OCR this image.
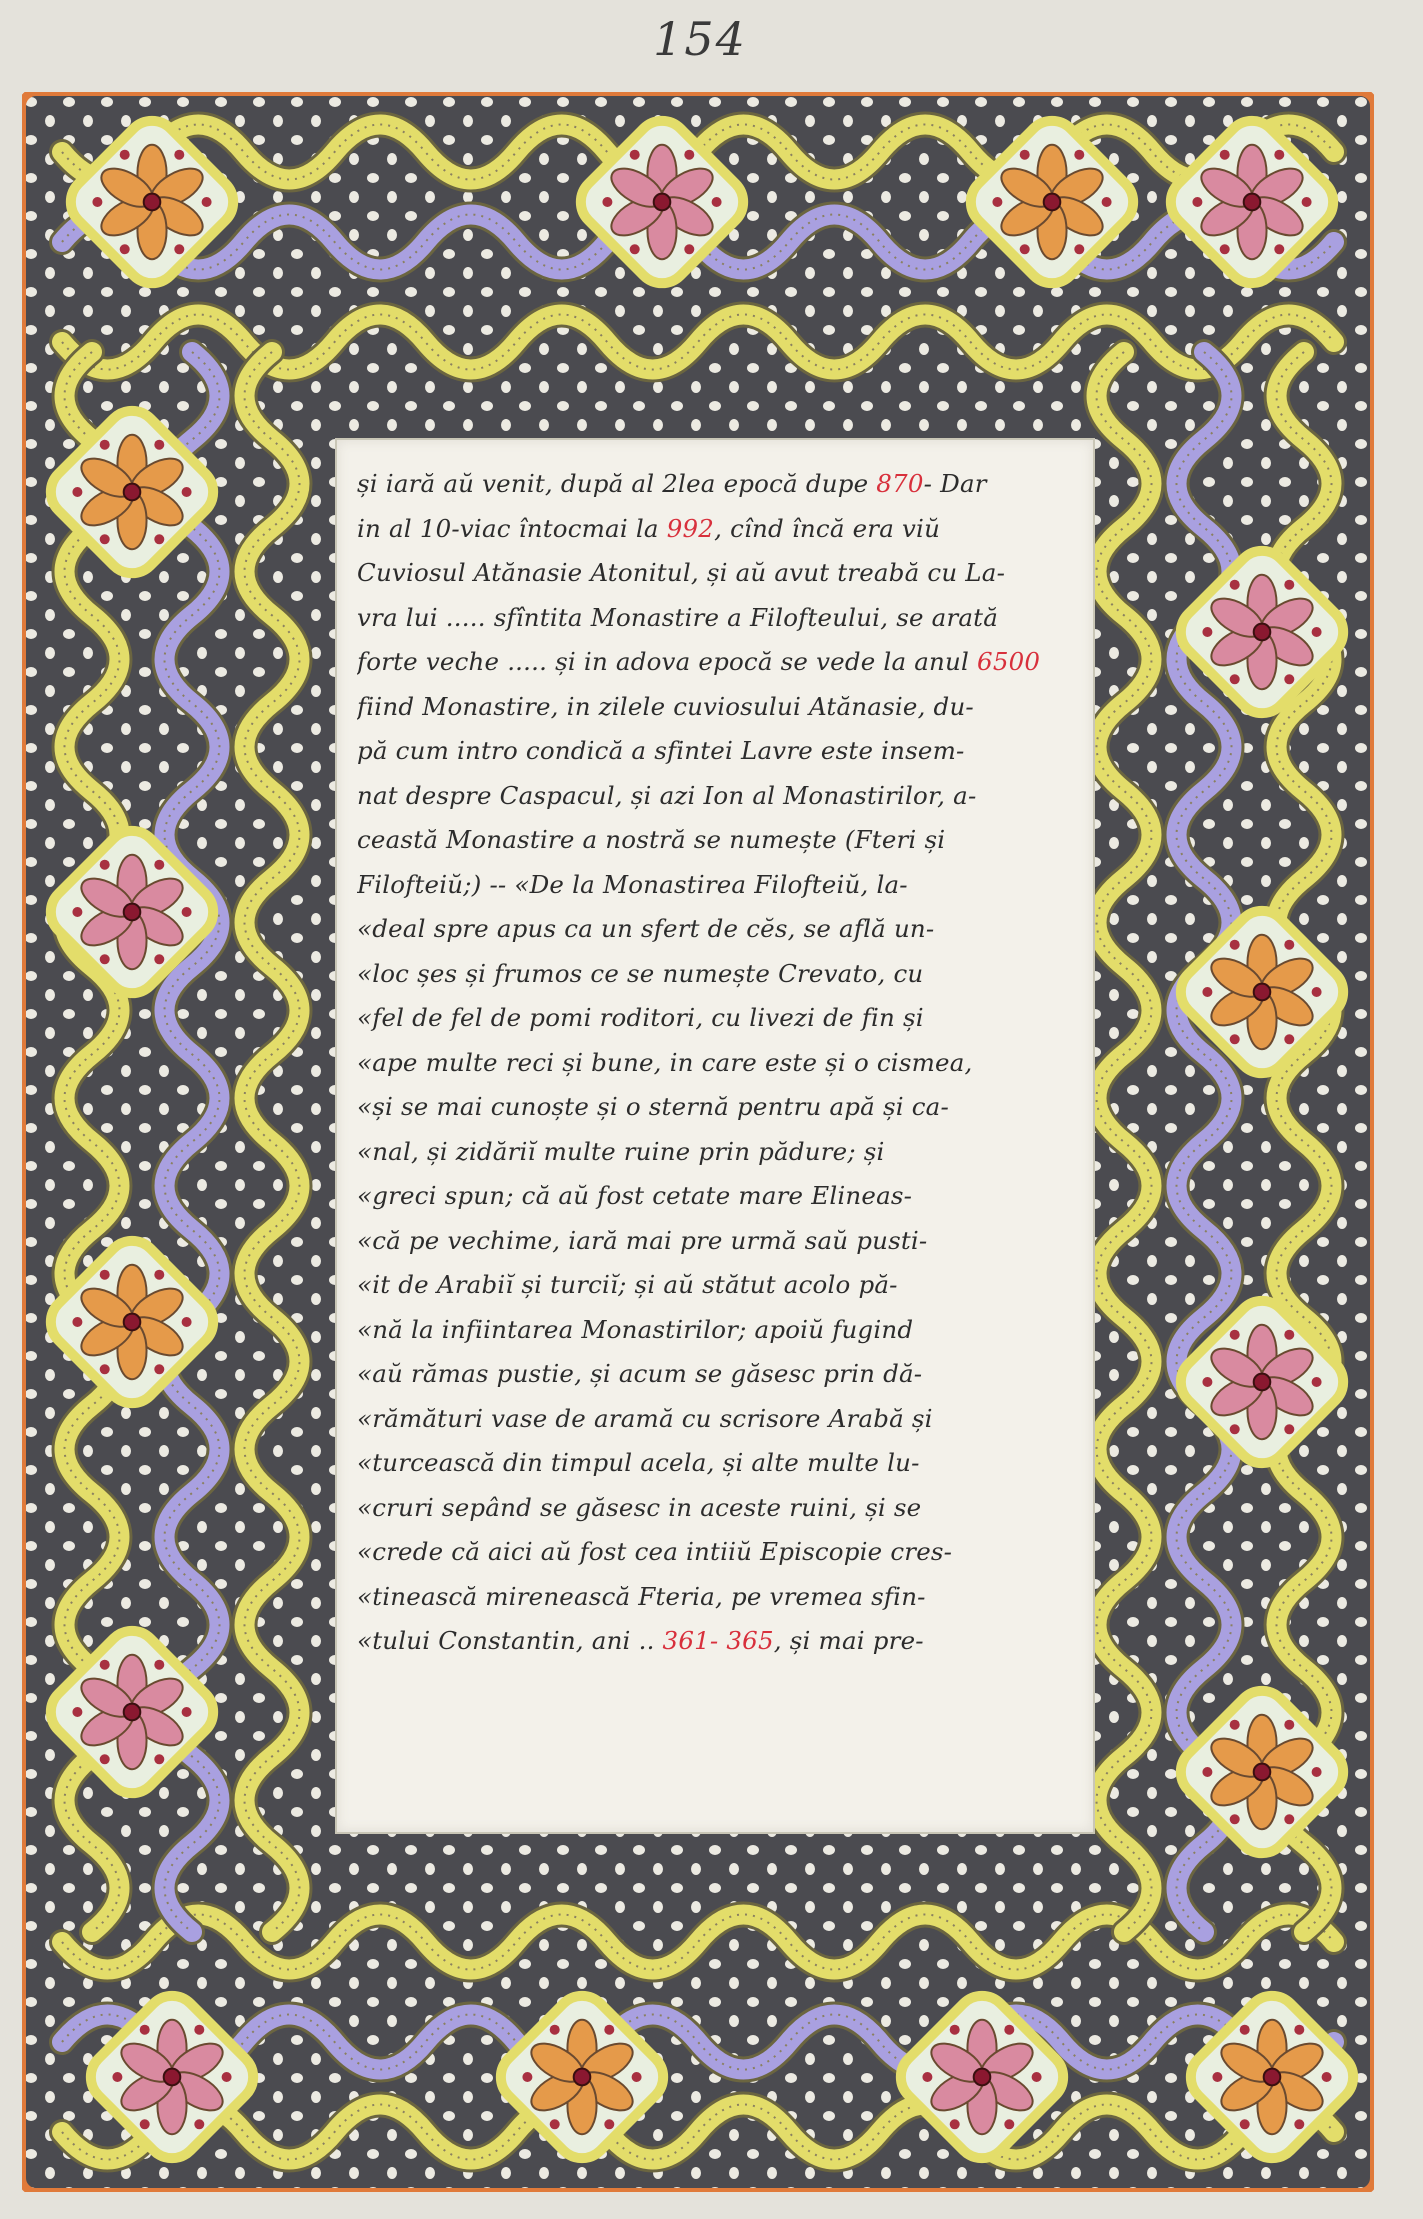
154
și iară aŭ venit, după al 2lea epocă dupe 870- Dar
in al 10-viac întocmai la 992, cînd încă era viŭ
Cuviosul Atănasie Atonitul, și aŭ avut treabă cu La-
vra lui ..... sfîntita Monastire a Filofteului, se arată
forte veche ..... și in adova epocă se vede la anul 6500
fiind Monastire, in zilele cuviosului Atănasie, du-
pă cum intro condică a sfintei Lavre este insem-
nat despre Caspacul, și azi Ion al Monastirilor, a-
ceastă Monastire a nostră se numește (Fteri și
Filofteiŭ;) -- «De la Monastirea Filofteiŭ, la-
«deal spre apus ca un sfert de cĕs, se află un-
«loc șes și frumos ce se numește Crevato, cu
«fel de fel de pomi roditori, cu livezi de fin și
«ape multe reci și bune, in care este și o cismea,
«și se mai cunoște și o sternă pentru apă și ca-
«nal, și zidăriĭ multe ruine prin pădure; și
«greci spun; că aŭ fost cetate mare Elineas-
«că pe vechime, iară mai pre urmă saŭ pusti-
«it de Arabiĭ și turciĭ; și aŭ stătut acolo pă-
«nă la infiintarea Monastirilor; apoiŭ fugind
«aŭ rămas pustie, și acum se găsesc prin dă-
«rămături vase de aramă cu scrisore Arabă și
«turcească din timpul acela, și alte multe lu-
«cruri sepând se găsesc in aceste ruini, și se
«crede că aici aŭ fost cea intiiŭ Episcopie cres-
«tinească mirenească Fteria, pe vremea sfin-
«tului Constantin, ani .. 361- 365, și mai pre-
